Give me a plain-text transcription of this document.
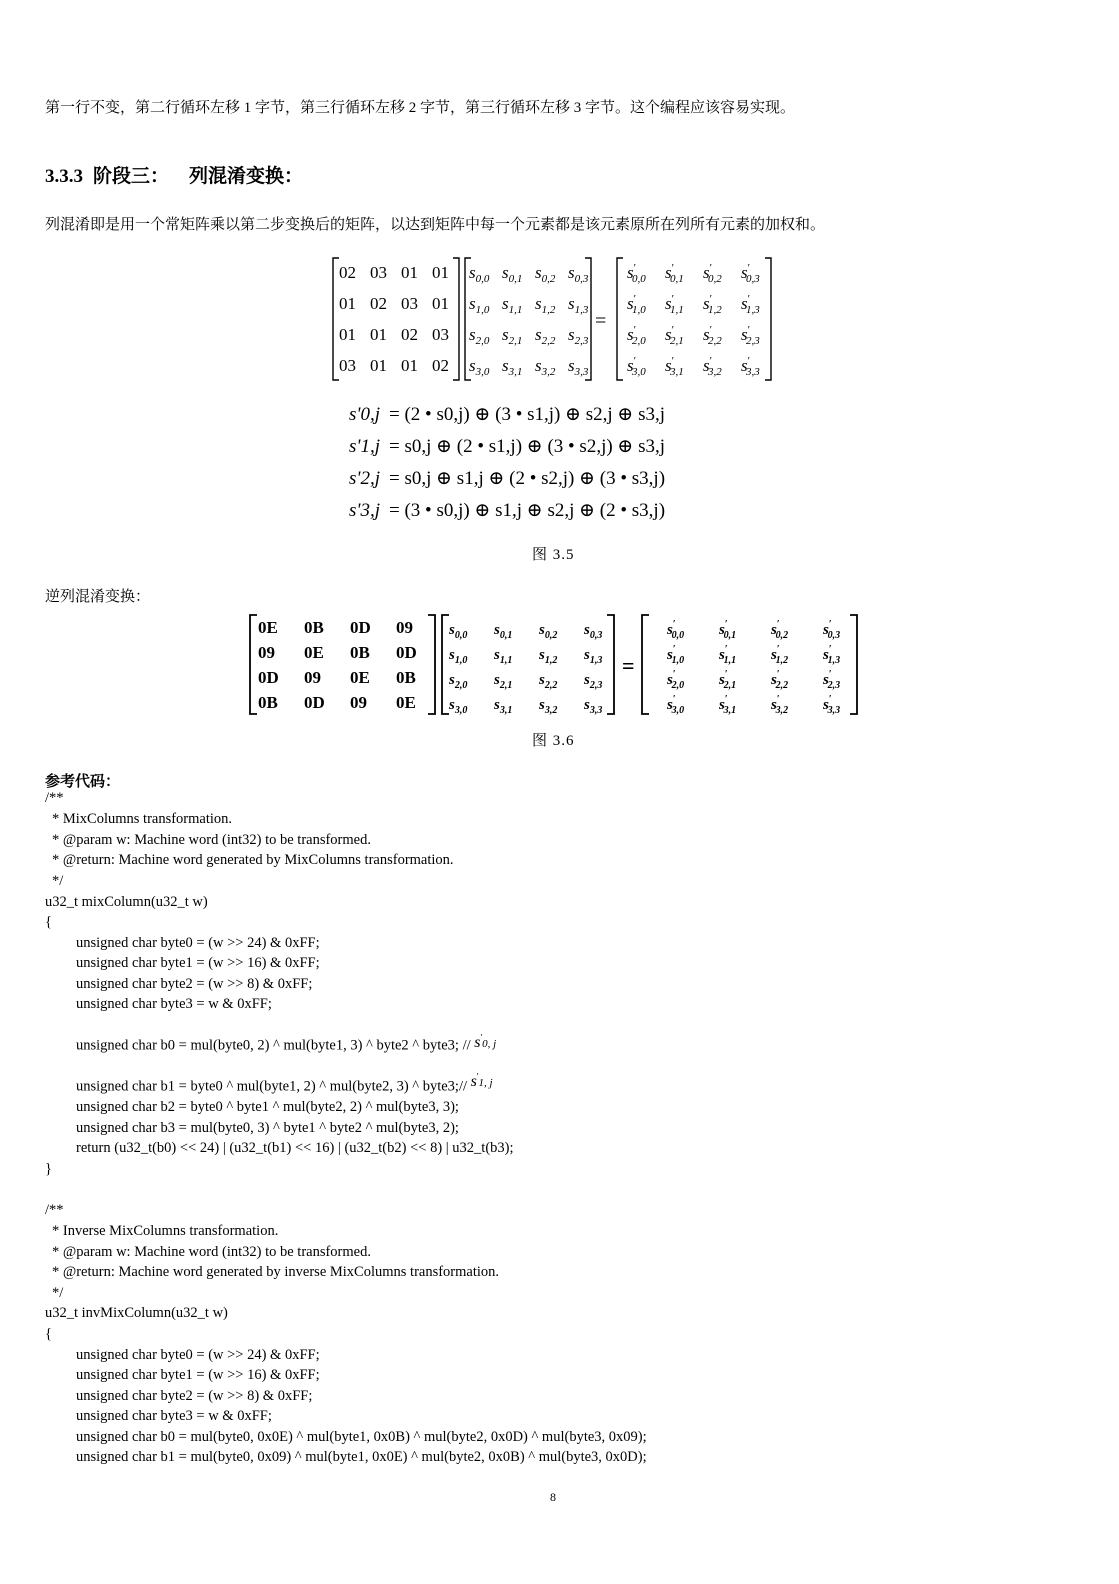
第一行不变，第二行循环左移 1 字节，第三行循环左移 2 字节，第三行循环左移 3 字节。这个编程应该容易实现。
3.3.3 阶段三： 列混淆变换：
列混淆即是用一个常矩阵乘以第二步变换后的矩阵，以达到矩阵中每一个元素都是该元素原所在列所有元素的加权和。
=
02 03 01 01
01 02 03 01
01 01 02 03
03 01 01 02
$s_{0,0}$ $s_{0,1}$ $s_{0,2}$ $s_{0,3}$
$s_{1,0}$ $s_{1,1}$ $s_{1,2}$ $s_{1,3}$
$s_{2,0}$ $s_{2,1}$ $s_{2,2}$ $s_{2,3}$
$s_{3,0}$ $s_{3,1}$ $s_{3,2}$ $s_{3,3}$
s′ 0,0 s′ 0,1 s′ 0,2 s′ 0,3
s′ 1,0 s′ 1,1 s′ 1,2 s′ 1,3
s′ 2,0 s′ 2,1 s′ 2,2 s′ 2,3
s′ 3,0 s′ 3,1 s′ 3,2 s′ 3,3
s'0,j = (2 • s0,j) ⊕ (3 • s1,j) ⊕ s2,j ⊕ s3,j
s'1,j = s0,j ⊕ (2 • s1,j) ⊕ (3 • s2,j) ⊕ s3,j
s'2,j = s0,j ⊕ s1,j ⊕ (2 • s2,j) ⊕ (3 • s3,j)
s'3,j = (3 • s0,j) ⊕ s1,j ⊕ s2,j ⊕ (2 • s3,j)
图 3.5
逆列混淆变换：
=
0E 0B 0D 09
09 0E 0B 0D
0D 09 0E 0B
0B 0D 09 0E
$s_{0,0}$ $s_{0,1}$ $s_{0,2}$ $s_{0,3}$
$s_{1,0}$ $s_{1,1}$ $s_{1,2}$ $s_{1,3}$
$s_{2,0}$ $s_{2,1}$ $s_{2,2}$ $s_{2,3}$
$s_{3,0}$ $s_{3,1}$ $s_{3,2}$ $s_{3,3}$
s′ 0,0 s′ 0,1 s′ 0,2 s′ 0,3
s′ 1,0 s′ 1,1 s′ 1,2 s′ 1,3
s′ 2,0 s′ 2,1 s′ 2,2 s′ 2,3
s′ 3,0 s′ 3,1 s′ 3,2 s′ 3,3
图 3.6
参考代码：
/**
* MixColumns transformation.
* @param w: Machine word (int32) to be transformed.
* @return: Machine word generated by MixColumns transformation.
*/
u32_t mixColumn(u32_t w)
{
unsigned char byte0 = (w >> 24) & 0xFF;
unsigned char byte1 = (w >> 16) & 0xFF;
unsigned char byte2 = (w >> 8) & 0xFF;
unsigned char byte3 = w & 0xFF;
unsigned char b0 = mul(byte0, 2) ^ mul(byte1, 3) ^ byte2 ^ byte3; // s'0, j
unsigned char b1 = byte0 ^ mul(byte1, 2) ^ mul(byte2, 3) ^ byte3;// s'1, j
unsigned char b2 = byte0 ^ byte1 ^ mul(byte2, 2) ^ mul(byte3, 3);
unsigned char b3 = mul(byte0, 3) ^ byte1 ^ byte2 ^ mul(byte3, 2);
return (u32_t(b0) << 24) | (u32_t(b1) << 16) | (u32_t(b2) << 8) | u32_t(b3);
}
/**
* Inverse MixColumns transformation.
* @param w: Machine word (int32) to be transformed.
* @return: Machine word generated by inverse MixColumns transformation.
*/
u32_t invMixColumn(u32_t w)
{
unsigned char byte0 = (w >> 24) & 0xFF;
unsigned char byte1 = (w >> 16) & 0xFF;
unsigned char byte2 = (w >> 8) & 0xFF;
unsigned char byte3 = w & 0xFF;
unsigned char b0 = mul(byte0, 0x0E) ^ mul(byte1, 0x0B) ^ mul(byte2, 0x0D) ^ mul(byte3, 0x09);
unsigned char b1 = mul(byte0, 0x09) ^ mul(byte1, 0x0E) ^ mul(byte2, 0x0B) ^ mul(byte3, 0x0D);
8
